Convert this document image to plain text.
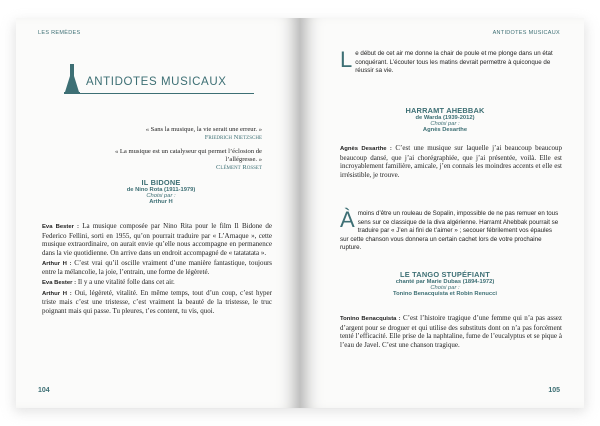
LES REMÈDES
ANTIDOTES MUSICAUX
« Sans la musique, la vie serait une erreur. »
Friedrich Nietzsche
« La musique est un catalyseur qui permet l’éclosion de l’allégresse. »
Clément Rosset
IL BIDONE
de Nino Rota (1911-1979)
Choisi par :
Arthur H

Eva Bester : La musique composée par Nino Rita pour le film Il Bidone de Federico Fellini, sorti en 1955, qu’on pourrait traduire par « L’Arnaque », cette musique extraordinaire, on aurait envie qu’elle nous accompagne en permanence dans la vie quotidienne. On arrive dans un endroit accompagné de « tatatatata ».

Arthur H : C’est vrai qu’il oscille vraiment d’une manière fantastique, toujours entre la mélancolie, la joie, l’entrain, une forme de légèreté.

Eva Bester : Il y a une vitalité folle dans cet air.

Arthur H : Oui, légèreté, vitalité. En même temps, tout d’un coup, c’est hyper triste mais c’est une tristesse, c’est vraiment la beauté de la tristesse, le truc poignant mais qui passe. Tu pleures, t’es content, tu vis, quoi.

104
ANTIDOTES MUSICAUX
Le début de cet air me donne la chair de poule et me plonge dans un état conquérant. L’écouter tous les matins devrait permettre à quiconque de réussir sa vie.
HARRAMT AHEBBAK
de Warda (1939-2012)
Choisi par :
Agnès Desarthe

Agnès Desarthe : C’est une musique sur laquelle j’ai beaucoup beaucoup beaucoup dansé, que j’ai chorégraphiée, que j’ai présentée, voilà. Elle est incroyablement familière, amicale, j’en connais les moindres accents et elle est irrésistible, je trouve.

Àmoins d’être un rouleau de Sopalin, impossible de ne pas remuer en tous sens sur ce classique de la diva algérienne. Harramt Ahebbak pourrait se traduire par « J’en ai fini de t’aimer » ; secouer fébrilement vos épaules sur cette chanson vous donnera un certain cachet lors de votre prochaine rupture.
LE TANGO STUPÉFIANT
chanté par Marie Dubas (1894-1972)
Choisi par :
Tonino Benacquista et Robin Renucci

Tonino Benacquista : C’est l’histoire tragique d’une femme qui n’a pas assez d’argent pour se droguer et qui utilise des substituts dont on n’a pas forcément tenté l’efficacité. Elle prise de la naphtaline, fume de l’eucalyptus et se pique à l’eau de Javel. C’est une chanson tragique.

105
